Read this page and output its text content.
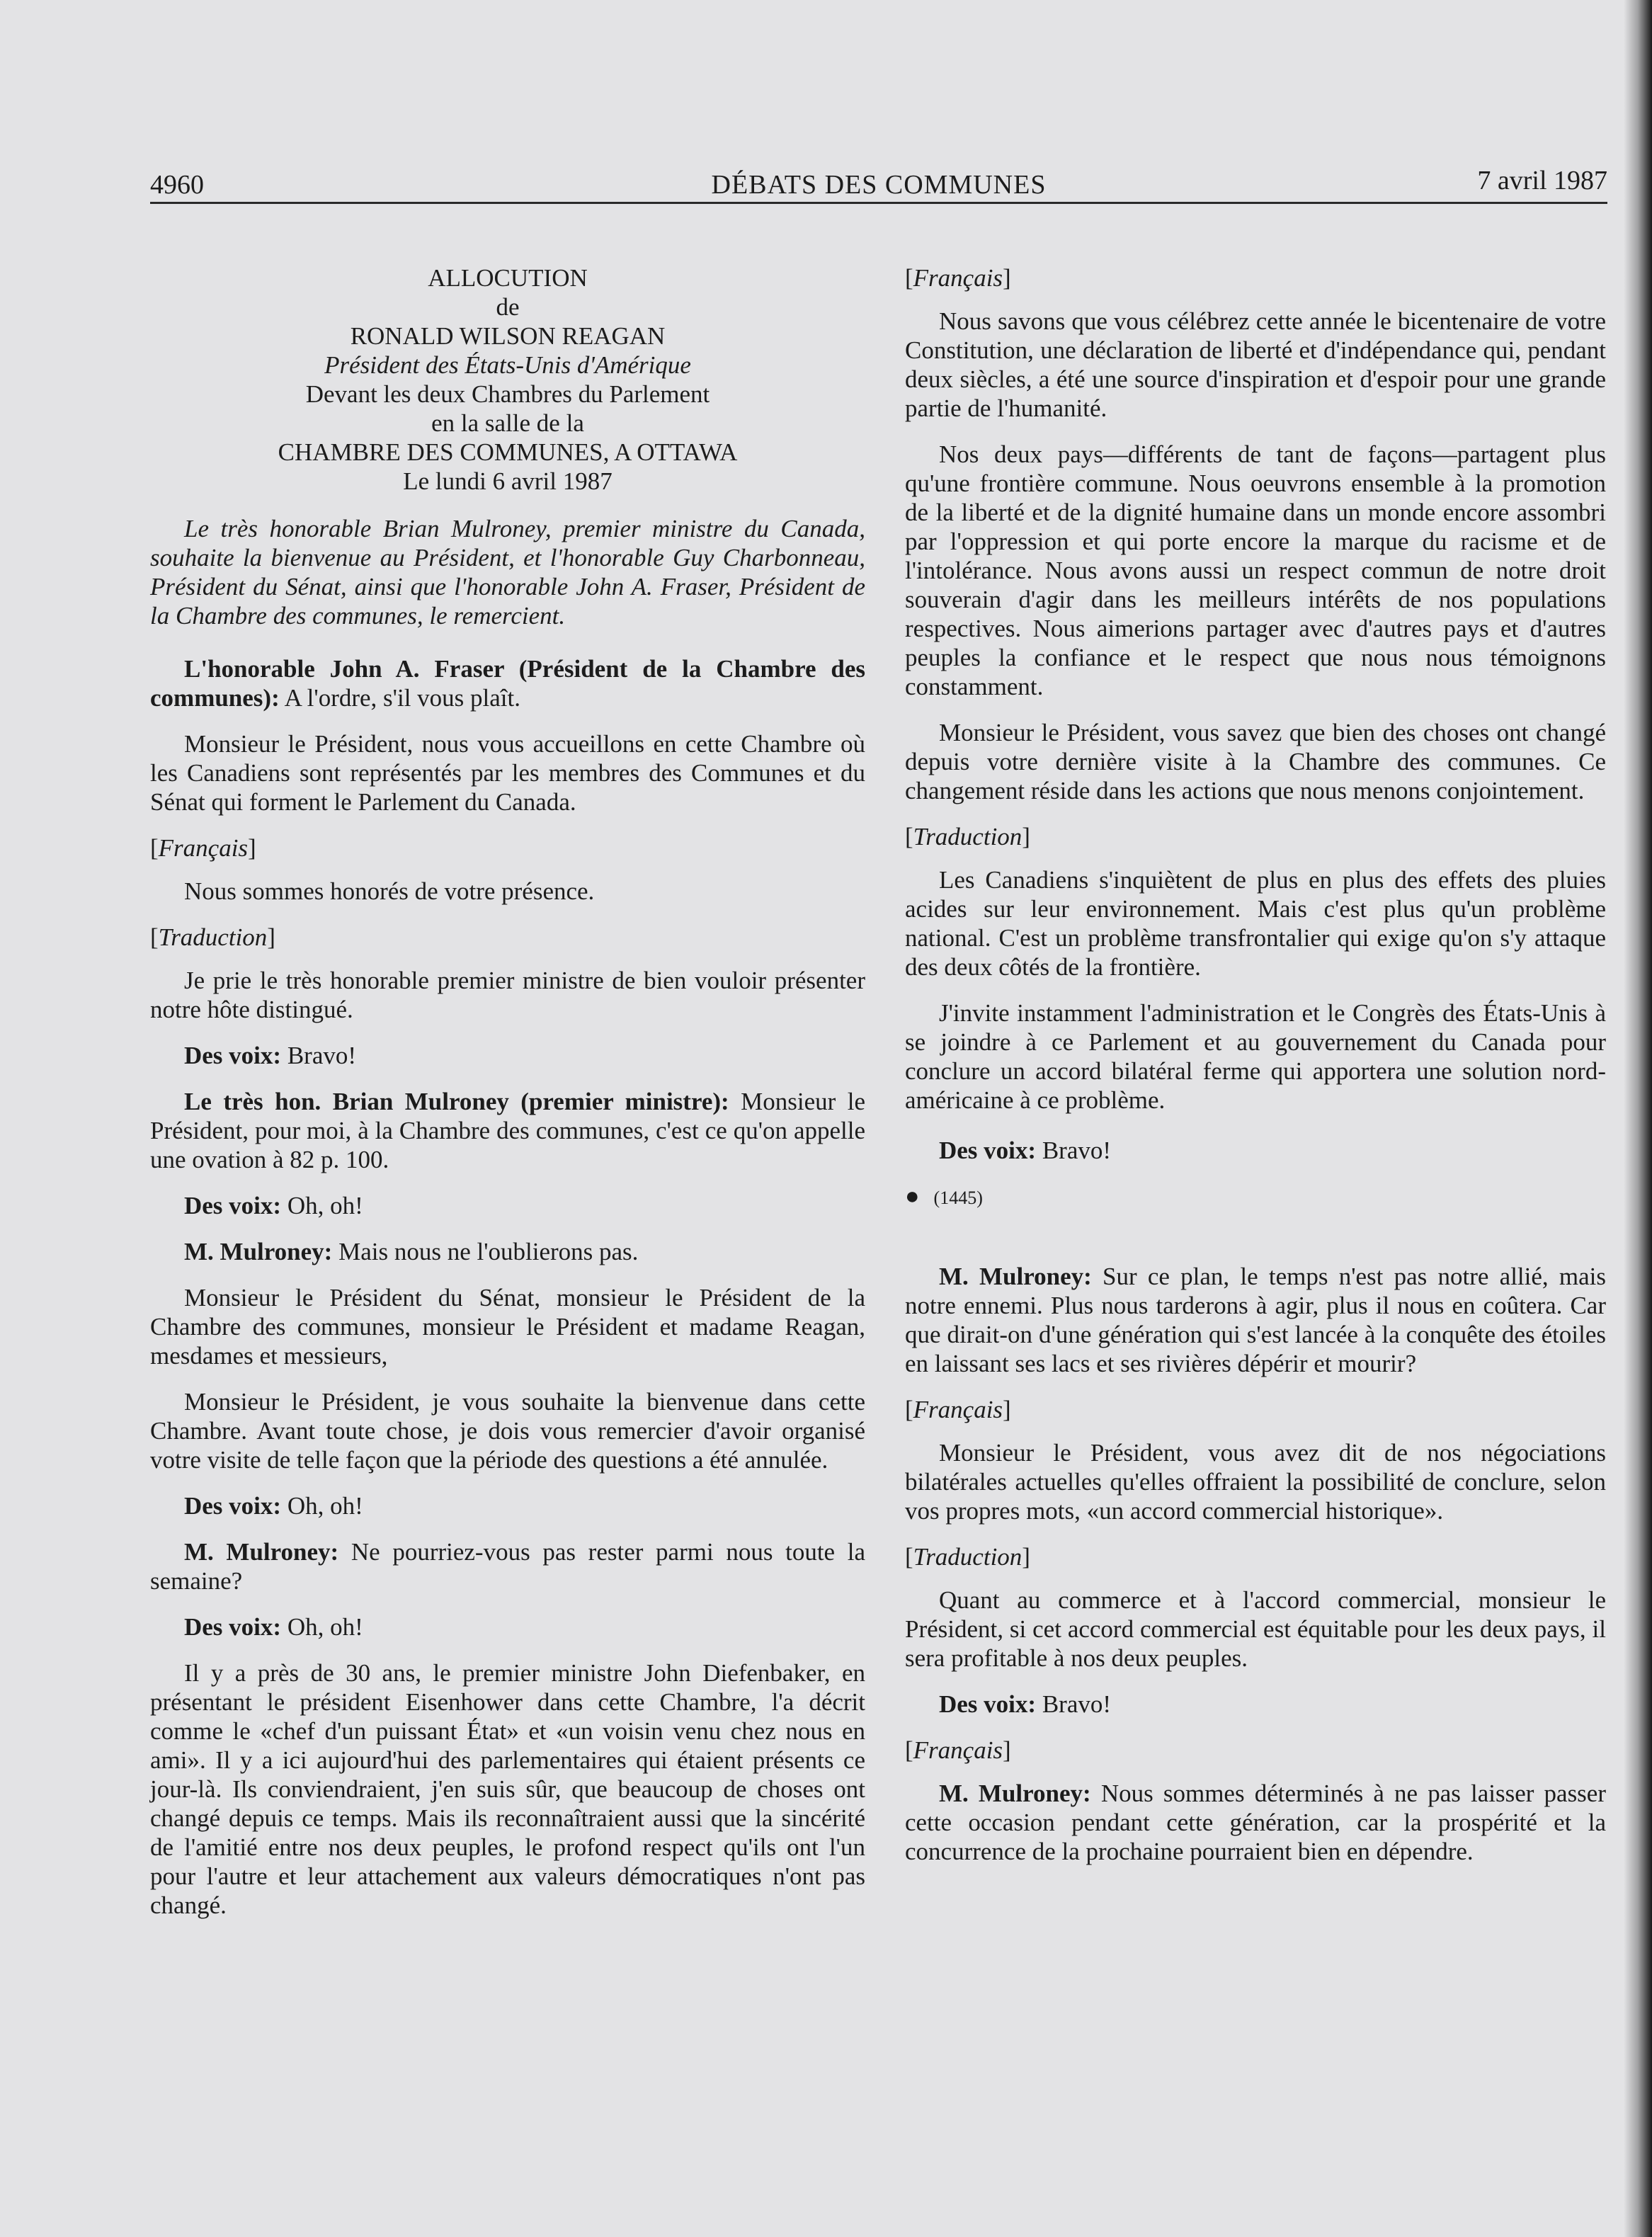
4960	DÉBATS DES COMMUNES	7 avril 1987

ALLOCUTION

de

RONALD WILSON REAGAN

Président des États-Unis d'Amérique

Devant les deux Chambres du Parlement

en la salle de la

CHAMBRE DES COMMUNES, A OTTAWA

Le lundi 6 avril 1987

Le très honorable Brian Mulroney, premier ministre du Canada, souhaite la bienvenue au Président, et l'honorable Guy Charbonneau, Président du Sénat, ainsi que l'honorable John A. Fraser, Président de la Chambre des communes, le remercient.

L'honorable John A. Fraser (Président de la Chambre des communes): A l'ordre, s'il vous plaît.

Monsieur le Président, nous vous accueillons en cette Chambre où les Canadiens sont représentés par les membres des Communes et du Sénat qui forment le Parlement du Canada.

[Français]

Nous sommes honorés de votre présence.

[Traduction]

Je prie le très honorable premier ministre de bien vouloir présenter notre hôte distingué.

Des voix: Bravo!

Le très hon. Brian Mulroney (premier ministre): Monsieur le Président, pour moi, à la Chambre des communes, c'est ce qu'on appelle une ovation à 82 p. 100.

Des voix: Oh, oh!

M. Mulroney: Mais nous ne l'oublierons pas.

Monsieur le Président du Sénat, monsieur le Président de la Chambre des communes, monsieur le Président et madame Reagan, mesdames et messieurs,

Monsieur le Président, je vous souhaite la bienvenue dans cette Chambre. Avant toute chose, je dois vous remercier d'avoir organisé votre visite de telle façon que la période des questions a été annulée.

Des voix: Oh, oh!

M. Mulroney: Ne pourriez-vous pas rester parmi nous toute la semaine?

Des voix: Oh, oh!

Il y a près de 30 ans, le premier ministre John Diefenbaker, en présentant le président Eisenhower dans cette Chambre, l'a décrit comme le «chef d'un puissant État» et «un voisin venu chez nous en ami». Il y a ici aujourd'hui des parlementaires qui étaient présents ce jour-là. Ils conviendraient, j'en suis sûr, que beaucoup de choses ont changé depuis ce temps. Mais ils reconnaîtraient aussi que la sincérité de l'amitié entre nos deux peuples, le profond respect qu'ils ont l'un pour l'autre et leur attachement aux valeurs démocratiques n'ont pas changé.

[Français]

Nous savons que vous célébrez cette année le bicentenaire de votre Constitution, une déclaration de liberté et d'indépendance qui, pendant deux siècles, a été une source d'inspiration et d'espoir pour une grande partie de l'humanité.

Nos deux pays—différents de tant de façons—partagent plus qu'une frontière commune. Nous oeuvrons ensemble à la promotion de la liberté et de la dignité humaine dans un monde encore assombri par l'oppression et qui porte encore la marque du racisme et de l'intolérance. Nous avons aussi un respect commun de notre droit souverain d'agir dans les meilleurs intérêts de nos populations respectives. Nous aimerions partager avec d'autres pays et d'autres peuples la confiance et le respect que nous nous témoignons constamment.

Monsieur le Président, vous savez que bien des choses ont changé depuis votre dernière visite à la Chambre des communes. Ce changement réside dans les actions que nous menons conjointement.

[Traduction]

Les Canadiens s'inquiètent de plus en plus des effets des pluies acides sur leur environnement. Mais c'est plus qu'un problème national. C'est un problème transfrontalier qui exige qu'on s'y attaque des deux côtés de la frontière.

J'invite instamment l'administration et le Congrès des États-Unis à se joindre à ce Parlement et au gouvernement du Canada pour conclure un accord bilatéral ferme qui apportera une solution nord-américaine à ce problème.

Des voix: Bravo!

● (1445)

M. Mulroney: Sur ce plan, le temps n'est pas notre allié, mais notre ennemi. Plus nous tarderons à agir, plus il nous en coûtera. Car que dirait-on d'une génération qui s'est lancée à la conquête des étoiles en laissant ses lacs et ses rivières dépérir et mourir?

[Français]

Monsieur le Président, vous avez dit de nos négociations bilatérales actuelles qu'elles offraient la possibilité de conclure, selon vos propres mots, «un accord commercial historique».

[Traduction]

Quant au commerce et à l'accord commercial, monsieur le Président, si cet accord commercial est équitable pour les deux pays, il sera profitable à nos deux peuples.

Des voix: Bravo!

[Français]

M. Mulroney: Nous sommes déterminés à ne pas laisser passer cette occasion pendant cette génération, car la prospérité et la concurrence de la prochaine pourraient bien en dépendre.
